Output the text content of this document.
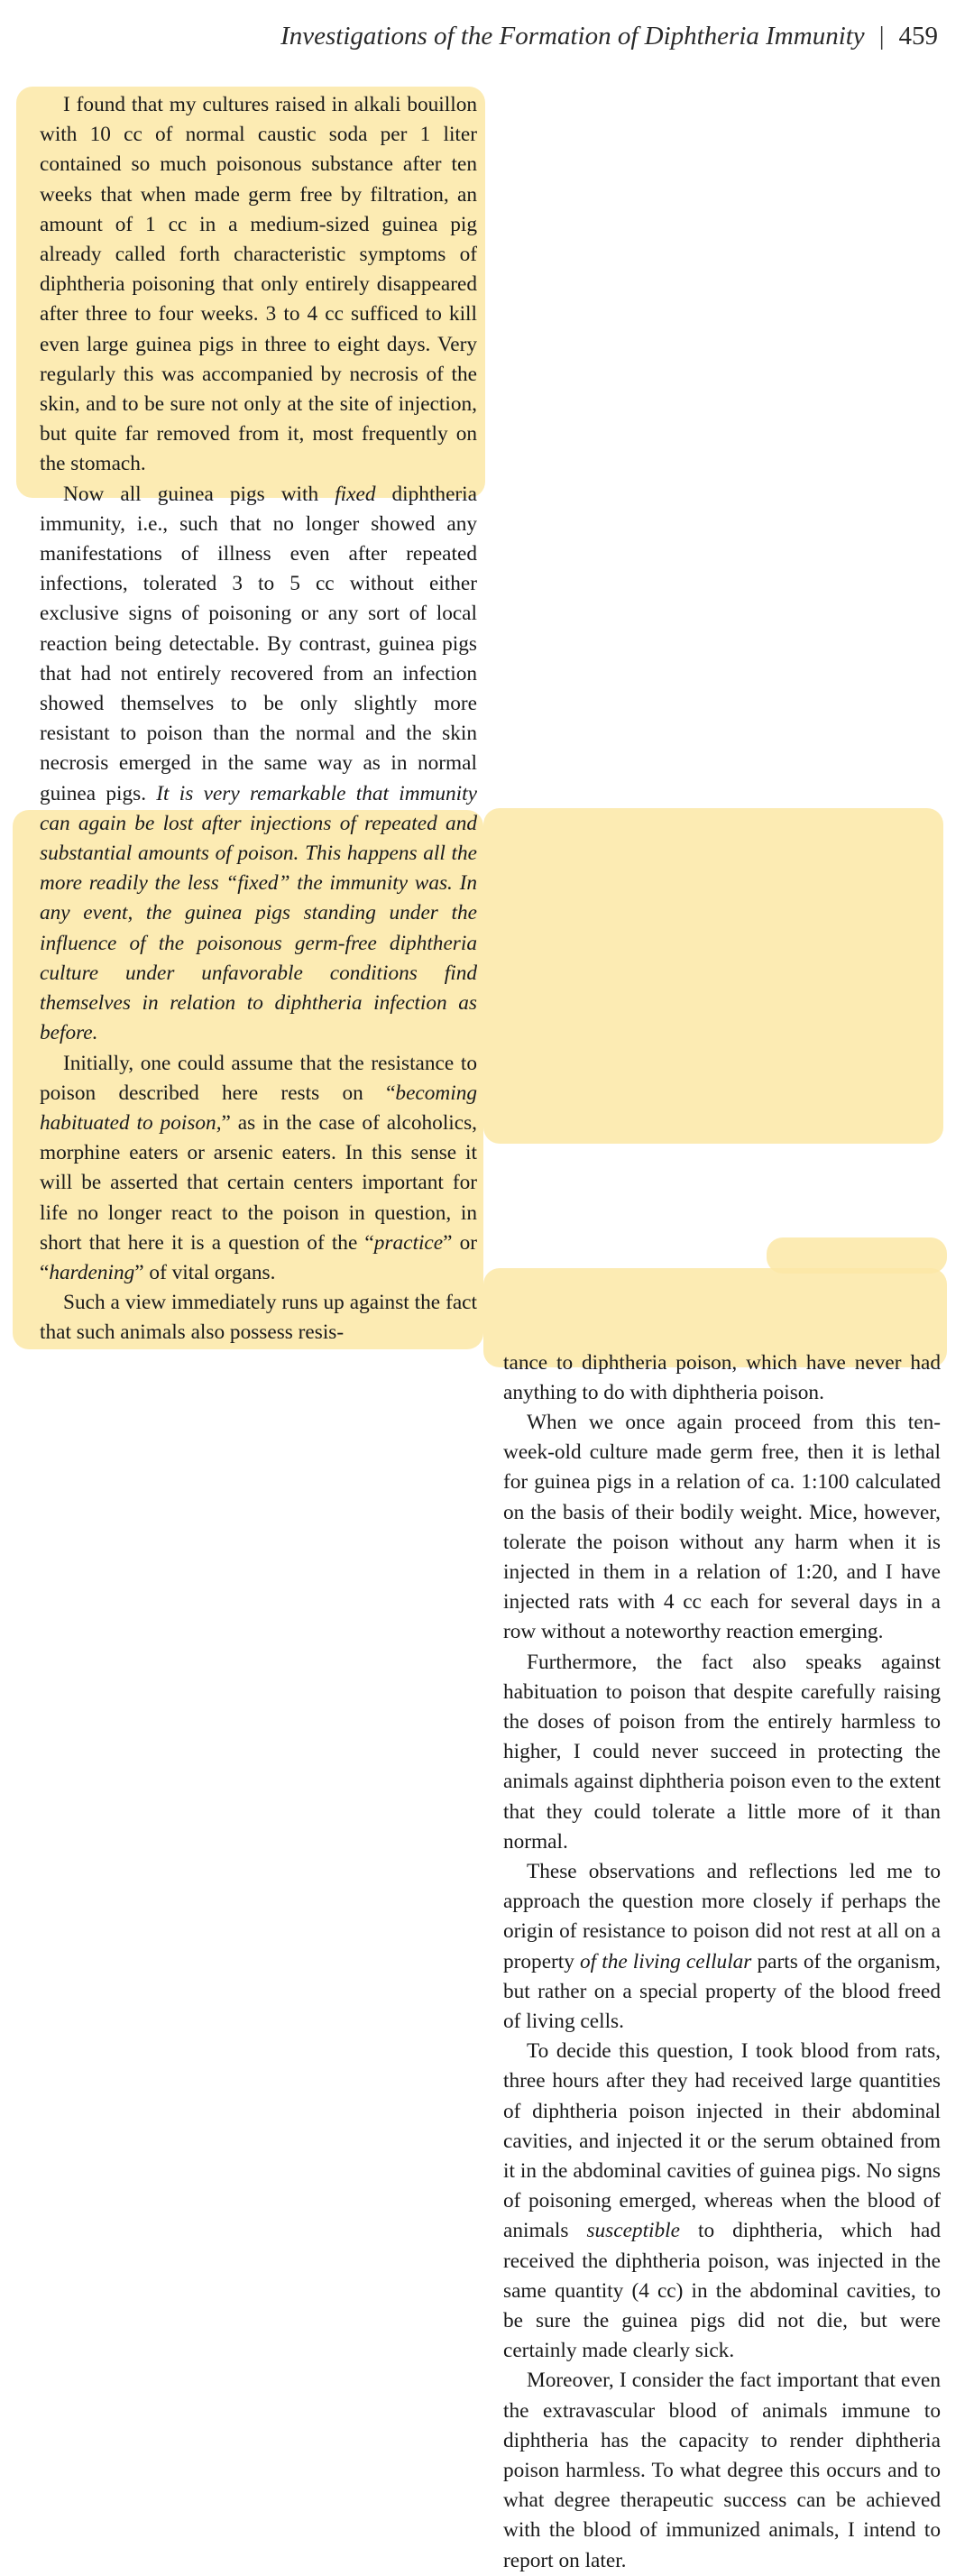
Investigations of the Formation of Diphtheria Immunity | 459

I found that my cultures raised in alkali bouillon with 10 cc of normal caustic soda per 1 liter contained so much poisonous substance after ten weeks that when made germ free by filtration, an amount of 1 cc in a medium-sized guinea pig already called forth characteristic symptoms of diphtheria poisoning that only entirely disappeared after three to four weeks. 3 to 4 cc sufficed to kill even large guinea pigs in three to eight days. Very regularly this was accompanied by necrosis of the skin, and to be sure not only at the site of injection, but quite far removed from it, most frequently on the stomach.

Now all guinea pigs with fixed diphtheria immunity, i.e., such that no longer showed any manifestations of illness even after repeated infections, tolerated 3 to 5 cc without either exclusive signs of poisoning or any sort of local reaction being detectable. By contrast, guinea pigs that had not entirely recovered from an infection showed themselves to be only slightly more resistant to poison than the normal and the skin necrosis emerged in the same way as in normal guinea pigs. It is very remarkable that immunity can again be lost after injections of repeated and substantial amounts of poison. This happens all the more readily the less “fixed” the immunity was. In any event, the guinea pigs standing under the influence of the poisonous germ-free diphtheria culture under unfavorable conditions find themselves in relation to diphtheria infection as before.

Initially, one could assume that the resistance to poison described here rests on “becoming habituated to poison,” as in the case of alcoholics, morphine eaters or arsenic eaters. In this sense it will be asserted that certain centers important for life no longer react to the poison in question, in short that here it is a question of the “practice” or “hardening” of vital organs.

Such a view immediately runs up against the fact that such animals also possess resis-

tance to diphtheria poison, which have never had anything to do with diphtheria poison.

When we once again proceed from this ten-week-old culture made germ free, then it is lethal for guinea pigs in a relation of ca. 1:100 calculated on the basis of their bodily weight. Mice, however, tolerate the poison without any harm when it is injected in them in a relation of 1:20, and I have injected rats with 4 cc each for several days in a row without a noteworthy reaction emerging.

Furthermore, the fact also speaks against habituation to poison that despite carefully raising the doses of poison from the entirely harmless to higher, I could never succeed in protecting the animals against diphtheria poison even to the extent that they could tolerate a little more of it than normal.

These observations and reflections led me to approach the question more closely if perhaps the origin of resistance to poison did not rest at all on a property of the living cellular parts of the organism, but rather on a special property of the blood freed of living cells.

To decide this question, I took blood from rats, three hours after they had received large quantities of diphtheria poison injected in their abdominal cavities, and injected it or the serum obtained from it in the abdominal cavities of guinea pigs. No signs of poisoning emerged, whereas when the blood of animals susceptible to diphtheria, which had received the diphtheria poison, was injected in the same quantity (4 cc) in the abdominal cavities, to be sure the guinea pigs did not die, but were certainly made clearly sick.

Moreover, I consider the fact important that even the extravascular blood of animals immune to diphtheria has the capacity to render diphtheria poison harmless. To what degree this occurs and to what degree therapeutic success can be achieved with the blood of immunized animals, I intend to report on later.
